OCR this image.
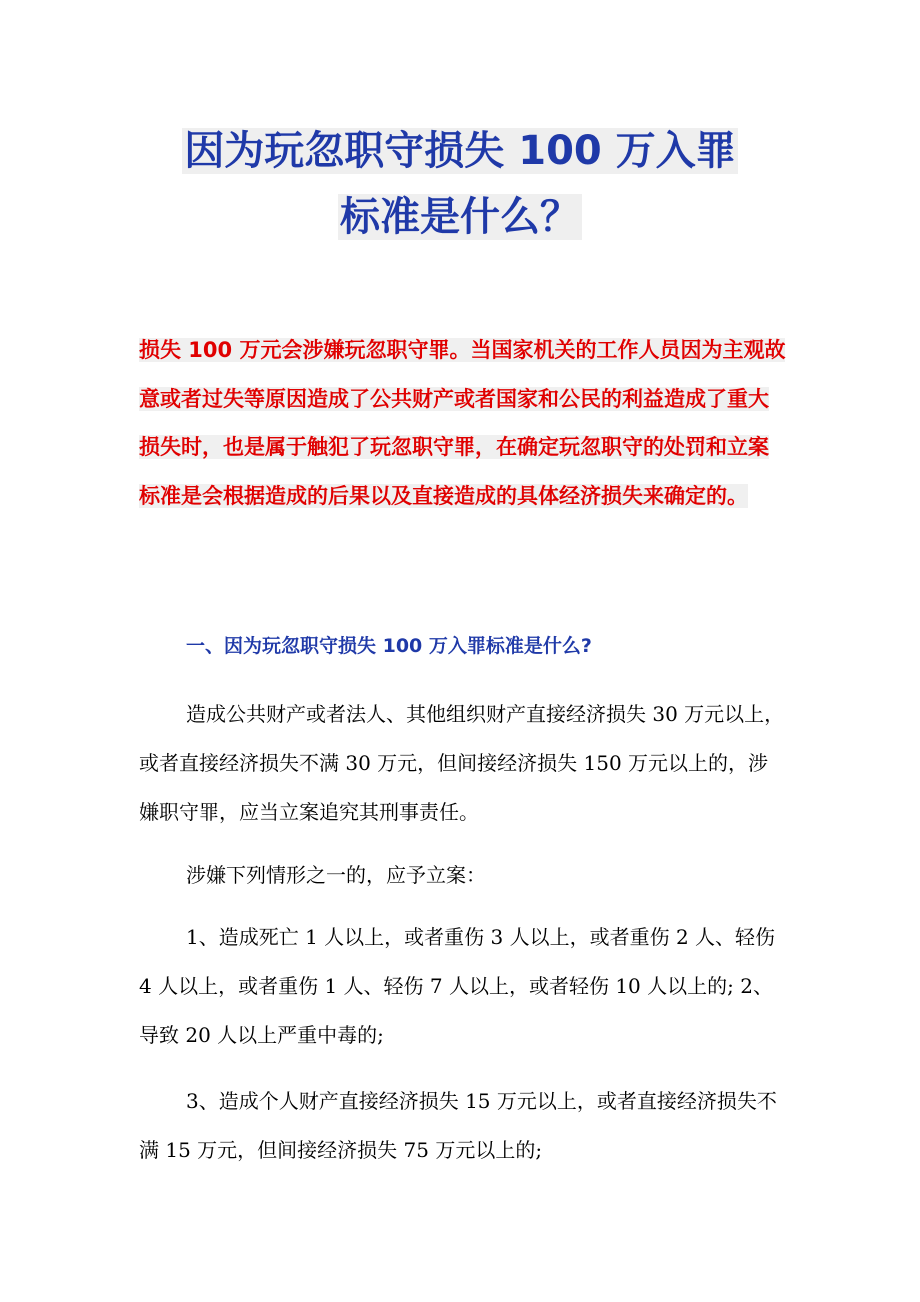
因为玩忽职守损失 100 万入罪
标准是什么？

损失 100 万元会涉嫌玩忽职守罪。当国家机关的工作人员因为主观故意或者过失等原因造成了公共财产或者国家和公民的利益造成了重大损失时，也是属于触犯了玩忽职守罪，在确定玩忽职守的处罚和立案标准是会根据造成的后果以及直接造成的具体经济损失来确定的。

一、因为玩忽职守损失 100 万入罪标准是什么?

造成公共财产或者法人、其他组织财产直接经济损失 30 万元以上，或者直接经济损失不满 30 万元，但间接经济损失 150 万元以上的，涉嫌职守罪，应当立案追究其刑事责任。

涉嫌下列情形之一的，应予立案：

1、造成死亡 1 人以上，或者重伤 3 人以上，或者重伤 2 人、轻伤 4 人以上，或者重伤 1 人、轻伤 7 人以上，或者轻伤 10 人以上的; 2、导致 20 人以上严重中毒的;

3、造成个人财产直接经济损失 15 万元以上，或者直接经济损失不满 15 万元，但间接经济损失 75 万元以上的;
